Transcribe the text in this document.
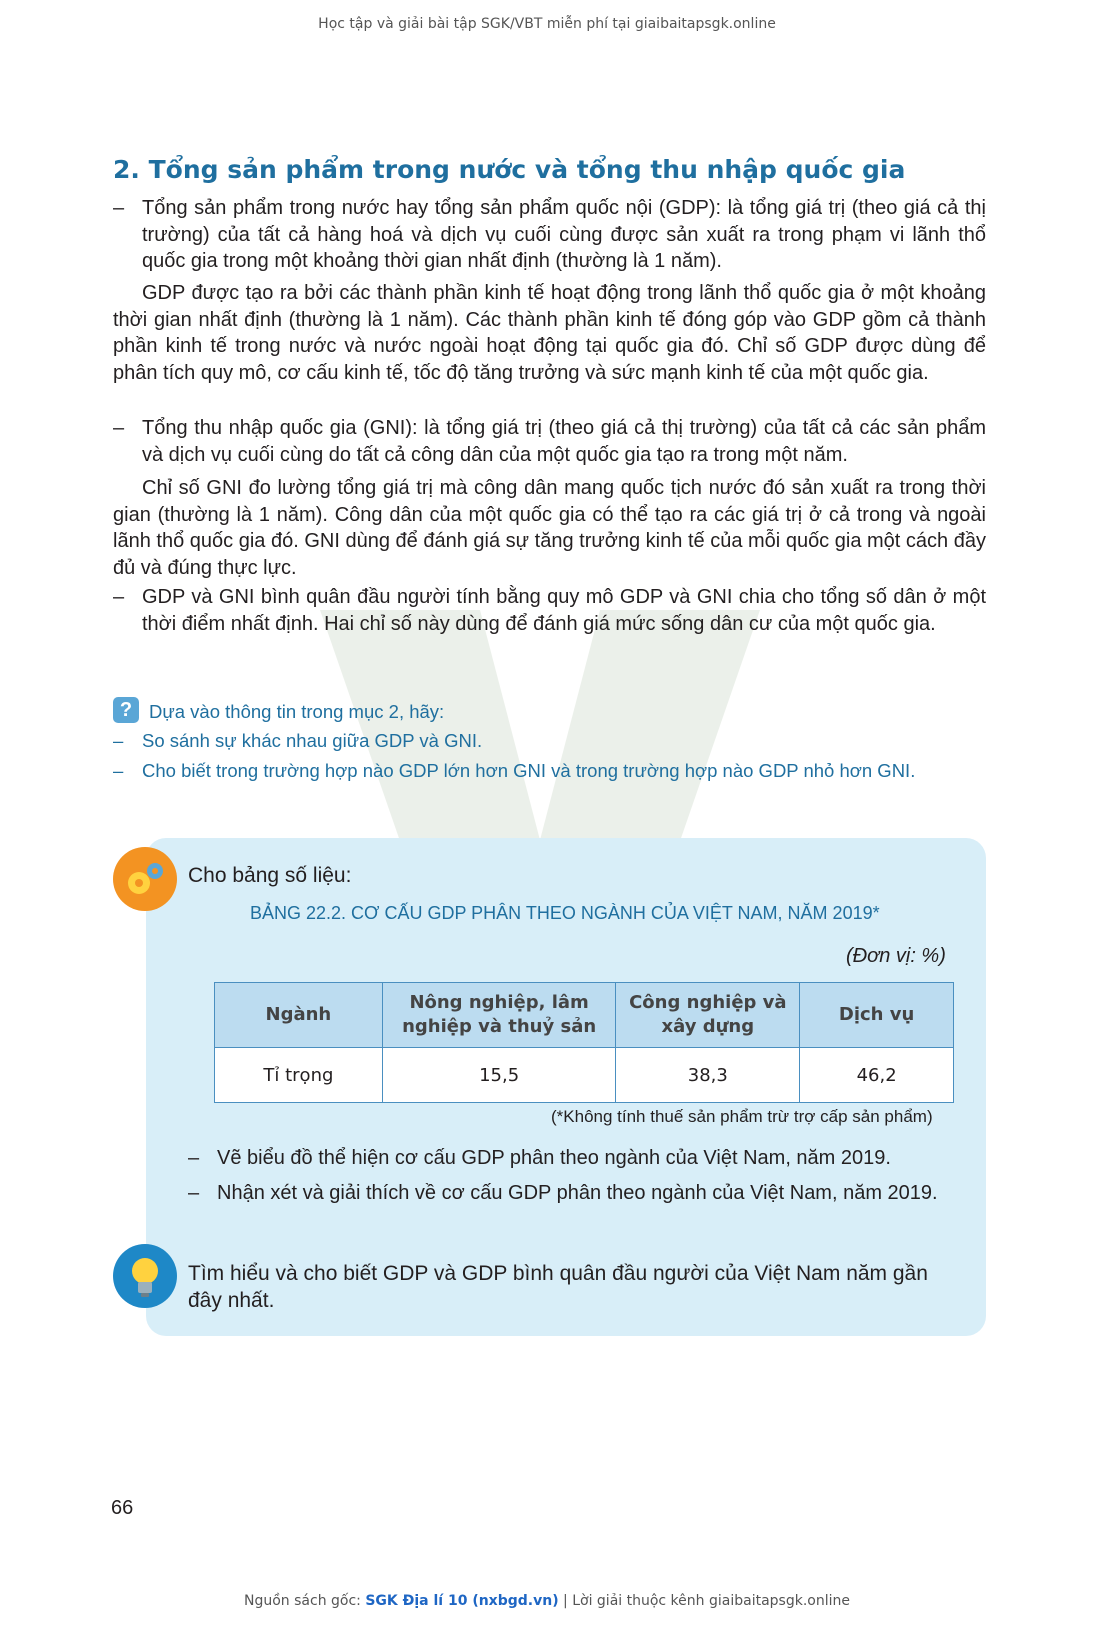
Học tập và giải bài tập SGK/VBT miễn phí tại giaibaitapsgk.online
2. Tổng sản phẩm trong nước và tổng thu nhập quốc gia
– Tổng sản phẩm trong nước hay tổng sản phẩm quốc nội (GDP): là tổng giá trị (theo giá cả thị trường) của tất cả hàng hoá và dịch vụ cuối cùng được sản xuất ra trong phạm vi lãnh thổ quốc gia trong một khoảng thời gian nhất định (thường là 1 năm).
GDP được tạo ra bởi các thành phần kinh tế hoạt động trong lãnh thổ quốc gia ở một khoảng thời gian nhất định (thường là 1 năm). Các thành phần kinh tế đóng góp vào GDP gồm cả thành phần kinh tế trong nước và nước ngoài hoạt động tại quốc gia đó. Chỉ số GDP được dùng để phân tích quy mô, cơ cấu kinh tế, tốc độ tăng trưởng và sức mạnh kinh tế của một quốc gia.
– Tổng thu nhập quốc gia (GNI): là tổng giá trị (theo giá cả thị trường) của tất cả các sản phẩm và dịch vụ cuối cùng do tất cả công dân của một quốc gia tạo ra trong một năm.
Chỉ số GNI đo lường tổng giá trị mà công dân mang quốc tịch nước đó sản xuất ra trong thời gian (thường là 1 năm). Công dân của một quốc gia có thể tạo ra các giá trị ở cả trong và ngoài lãnh thổ quốc gia đó. GNI dùng để đánh giá sự tăng trưởng kinh tế của mỗi quốc gia một cách đầy đủ và đúng thực lực.
– GDP và GNI bình quân đầu người tính bằng quy mô GDP và GNI chia cho tổng số dân ở một thời điểm nhất định. Hai chỉ số này dùng để đánh giá mức sống dân cư của một quốc gia.
? Dựa vào thông tin trong mục 2, hãy:
– So sánh sự khác nhau giữa GDP và GNI.
– Cho biết trong trường hợp nào GDP lớn hơn GNI và trong trường hợp nào GDP nhỏ hơn GNI.
Cho bảng số liệu:
BẢNG 22.2. CƠ CẤU GDP PHÂN THEO NGÀNH CỦA VIỆT NAM, NĂM 2019*
(Đơn vị: %)
Ngành	Nông nghiệp, lâm nghiệp và thuỷ sản	Công nghiệp và xây dựng	Dịch vụ
Tỉ trọng	15,5	38,3	46,2
(*Không tính thuế sản phẩm trừ trợ cấp sản phẩm)
– Vẽ biểu đồ thể hiện cơ cấu GDP phân theo ngành của Việt Nam, năm 2019.
– Nhận xét và giải thích về cơ cấu GDP phân theo ngành của Việt Nam, năm 2019.
Tìm hiểu và cho biết GDP và GDP bình quân đầu người của Việt Nam năm gần đây nhất.
66
Nguồn sách gốc: SGK Địa lí 10 (nxbgd.vn) | Lời giải thuộc kênh giaibaitapsgk.online
